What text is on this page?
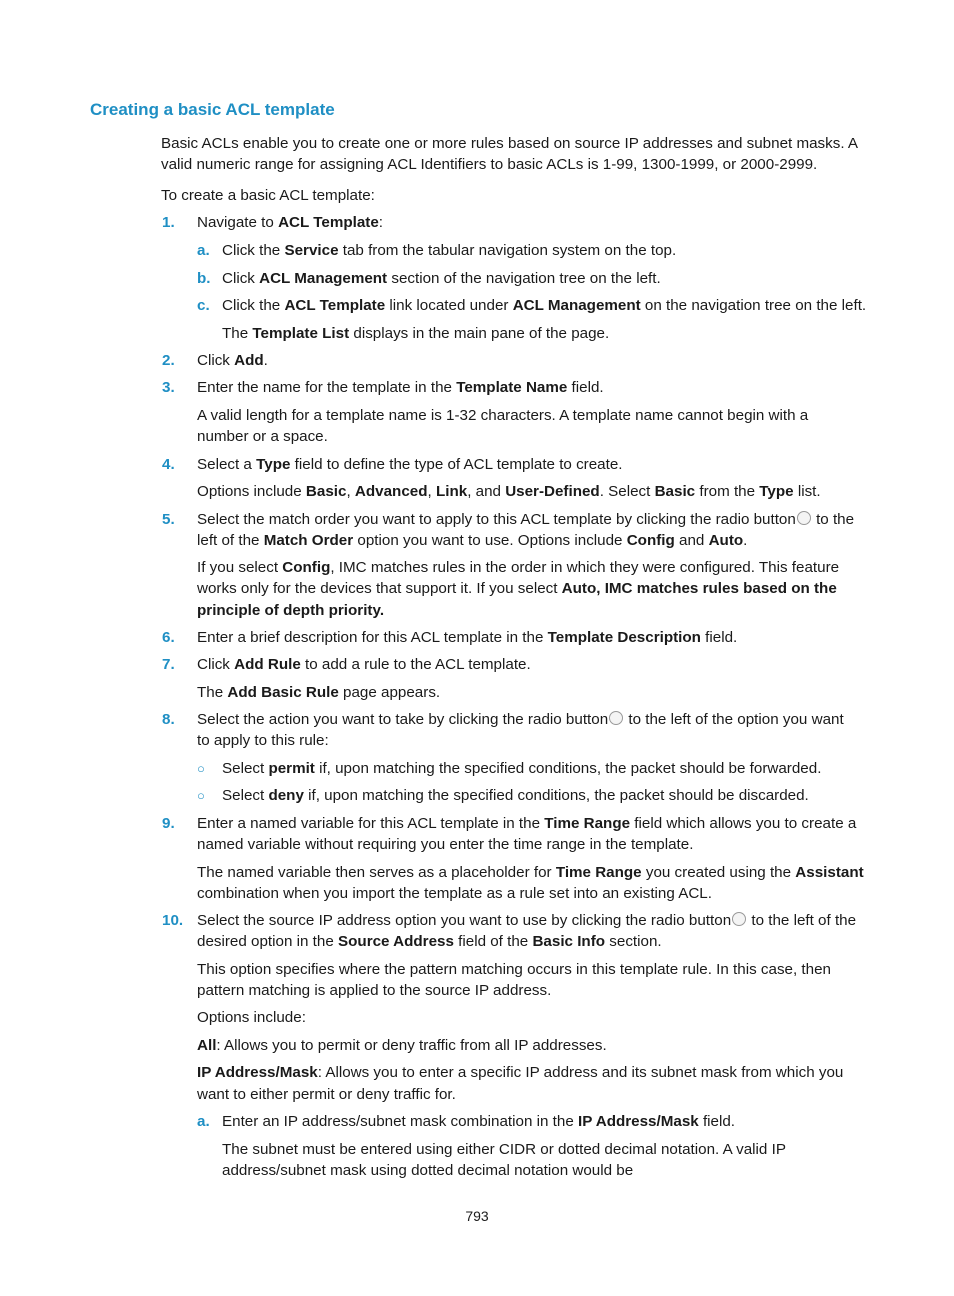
Creating a basic ACL template
Basic ACLs enable you to create one or more rules based on source IP addresses and subnet masks. A
valid numeric range for assigning ACL Identifiers to basic ACLs is 1-99, 1300-1999, or 2000-2999.
To create a basic ACL template:
1. Navigate to ACL Template:
a. Click the Service tab from the tabular navigation system on the top.
b. Click ACL Management section of the navigation tree on the left.
c. Click the ACL Template link located under ACL Management on the navigation tree on the left.
The Template List displays in the main pane of the page.
2. Click Add.
3. Enter the name for the template in the Template Name field.
A valid length for a template name is 1-32 characters. A template name cannot begin with a
number or a space.
4. Select a Type field to define the type of ACL template to create.
Options include Basic, Advanced, Link, and User-Defined. Select Basic from the Type list.
5. Select the match order you want to apply to this ACL template by clicking the radio button to the
left of the Match Order option you want to use. Options include Config and Auto.
If you select Config, IMC matches rules in the order in which they were configured. This feature
works only for the devices that support it. If you select Auto, IMC matches rules based on the
principle of depth priority.
6. Enter a brief description for this ACL template in the Template Description field.
7. Click Add Rule to add a rule to the ACL template.
The Add Basic Rule page appears.
8. Select the action you want to take by clicking the radio button to the left of the option you want
to apply to this rule:
○ Select permit if, upon matching the specified conditions, the packet should be forwarded.
○ Select deny if, upon matching the specified conditions, the packet should be discarded.
9. Enter a named variable for this ACL template in the Time Range field which allows you to create a
named variable without requiring you enter the time range in the template.
The named variable then serves as a placeholder for Time Range you created using the Assistant
combination when you import the template as a rule set into an existing ACL.
10. Select the source IP address option you want to use by clicking the radio button to the left of the
desired option in the Source Address field of the Basic Info section.
This option specifies where the pattern matching occurs in this template rule. In this case, then
pattern matching is applied to the source IP address.
Options include:
All: Allows you to permit or deny traffic from all IP addresses.
IP Address/Mask: Allows you to enter a specific IP address and its subnet mask from which you
want to either permit or deny traffic for.
a. Enter an IP address/subnet mask combination in the IP Address/Mask field.
The subnet must be entered using either CIDR or dotted decimal notation. A valid IP
address/subnet mask using dotted decimal notation would be
793
